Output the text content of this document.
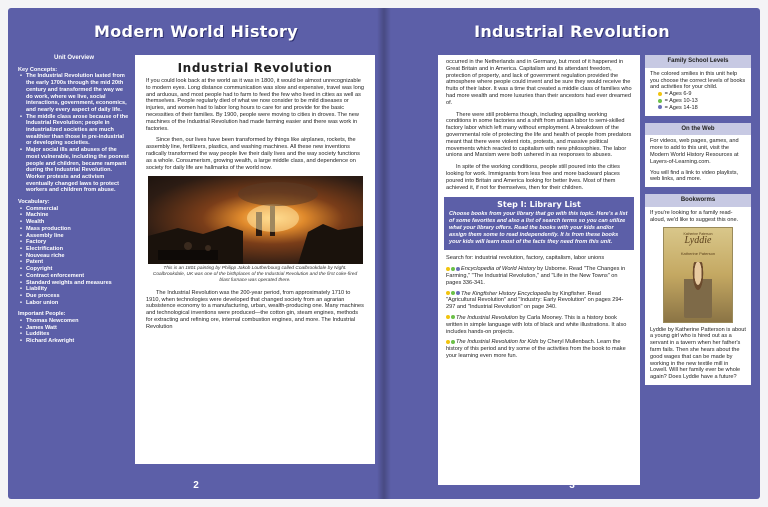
Modern World History
Unit Overview
Key Concepts:
• The Industrial Revolution lasted from the early 1700s through the mid 20th century and transformed the way we do work, where we live, social interactions, government, economics, and nearly every aspect of daily life.
• The middle class arose because of the Industrial Revolution; people in industrialized societies are much wealthier than those in pre-industrial or developing societies.
• Major social ills and abuses of the most vulnerable, including the poorest people and children, became rampant during the Industrial Revolution. Worker protests and activism eventually changed laws to protect workers and children from abuse.
Vocabulary:
• Commercial
• Machine
• Wealth
• Mass production
• Assembly line
• Factory
• Electrification
• Nouveau riche
• Patent
• Copyright
• Contract enforcement
• Standard weights and measures
• Liability
• Due process
• Labor union
Important People:
• Thomas Newcomen
• James Watt
• Luddites
• Richard Arkwright
Industrial Revolution

If you could look back at the world as it was in 1800, it would be almost unrecognizable to modern eyes. Long distance communication was slow and expensive, travel was long and arduous, and most people had to farm to feed the few who lived in cities as well as themselves. People regularly died of what we now consider to be mild diseases or injuries, and women had to labor long hours to care for and provide for the basic necessities of their families. By 1900, people were moving to cities in droves. The new machines of the Industrial Revolution had made farming easier and there was work in factories.

Since then, our lives have been transformed by things like airplanes, rockets, the assembly line, fertilizers, plastics, and washing machines. All these new inventions radically transformed the way people live their daily lives and the way society functions as a whole. Consumerism, growing wealth, a large middle class, and dependence on society for daily life are hallmarks of the world now.

This is an 1801 painting by Philipp Jakob Loutherbourg called Coalbrookdale by Night. Coalbrookdale, UK was one of the birthplaces of the Industrial Revolution and the first coke-fired blast furnace was operated there.

The Industrial Revolution was the 200-year period, from approximately 1710 to 1910, when technologies were developed that changed society from an agrarian subsistence economy to a manufacturing, urban, wealth-producing one. Many machines and technological inventions were produced—the cotton gin, steam engines, methods for extracting and refining ore, internal combustion engines, and more. The Industrial Revolution

2
Industrial Revolution

occurred in the Netherlands and in Germany, but most of it happened in Great Britain and in America. Capitalism and its attendant freedom, protection of property, and lack of government regulation provided the atmosphere where people could invent and be sure they would receive the fruits of their labor. It was a time that created a middle class of families who had more wealth and more luxuries than their ancestors had ever dreamed of.

There were still problems though, including appalling working conditions in some factories and a shift from artisan labor to semi-skilled factory labor which left many without employment. A breakdown of the governmental role of protecting the life and health of people from predators meant that there were violent riots, protests, and massive political movements which reacted to capitalism with new philosophies. The labor unions and Marxism were both ushered in as responses to abuses.

In spite of the working conditions, people still poured into the cities looking for work. Immigrants from less free and more backward places poured into Britain and America looking for better lives. Most of them achieved it, if not for themselves, then for their children.

Step I: Library List
Choose books from your library that go with this topic. Here's a list of some favorites and also a list of search terms so you can utilize what your library offers. Read the books with your kids and/or assign them some to read independently. It is from these books your kids will learn most of the facts they need from this unit.
Search for: industrial revolution, factory, capitalism, labor unions
Encyclopedia of World History by Usborne. Read "The Changes in Farming," "The Industrial Revolution," and "Life in the New Towns" on pages 336-341.
The Kingfisher History Encyclopedia by Kingfisher. Read "Agricultural Revolution" and "Industry: Early Revolution" on pages 294-297 and "Industrial Revolution" on page 340.
The Industrial Revolution by Carla Mooney. This is a history book written in simple language with lots of black and white illustrations. It also includes hands-on projects.
The Industrial Revolution for Kids by Cheryl Mullenbach. Learn the history of this period and try some of the activities from the book to make your learning even more fun.
Family School Levels
The colored smilies in this unit help you choose the correct levels of books and activities for your child.
= Ages 6-9
= Ages 10-13
= Ages 14-18
On the Web
For videos, web pages, games, and more to add to this unit, visit the Modern World History Resources at Layers-of-Learning.com.
You will find a link to video playlists, web links, and more.
Bookworms
If you're looking for a family read-aloud, we'd like to suggest this one.
Katherine Paterson
Lyddie
Katherine Paterson
Lyddie by Katherine Patterson is about a young girl who is hired out as a servant in a tavern when her father's farm fails. Then she hears about the good wages that can be made by working in the new textile mill in Lowell. Will her family ever be whole again? Does Lyddie have a future?
3
